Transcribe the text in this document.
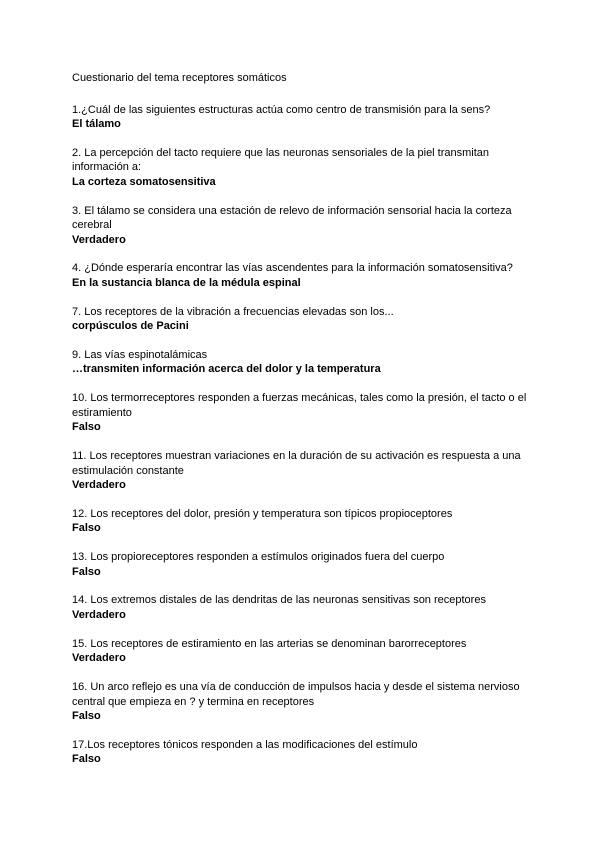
Cuestionario del tema receptores somáticos
1.¿Cuál de las siguientes estructuras actúa como centro de transmisión para la sens?
El tálamo
2. La percepción del tacto requiere que las neuronas sensoriales de la piel transmitan información a:
La corteza somatosensitiva
3. El tálamo se considera una estación de relevo de información sensorial hacia la corteza cerebral
Verdadero
4. ¿Dónde esperaría encontrar las vías ascendentes para la información somatosensitiva?
En la sustancia blanca de la médula espinal
7. Los receptores de la vibración a frecuencias elevadas son los...
corpúsculos de Pacini
9. Las vías espinotalámicas
…transmiten información acerca del dolor y la temperatura
10. Los termorreceptores responden a fuerzas mecánicas, tales como la presión, el tacto o el estiramiento
Falso
11. Los receptores muestran variaciones en la duración de su activación es respuesta a una estimulación constante
Verdadero
12. Los receptores del dolor, presión y temperatura son típicos propioceptores
Falso
13. Los propioreceptores responden a estímulos originados fuera del cuerpo
Falso
14. Los extremos distales de las dendritas de las neuronas sensitivas son receptores
Verdadero
15. Los receptores de estiramiento en las arterias se denominan barorreceptores
Verdadero
16. Un arco reflejo es una vía de conducción de impulsos hacia y desde el sistema nervioso central que empieza en ? y termina en receptores
Falso
17.Los receptores tónicos responden a las modificaciones del estímulo
Falso
